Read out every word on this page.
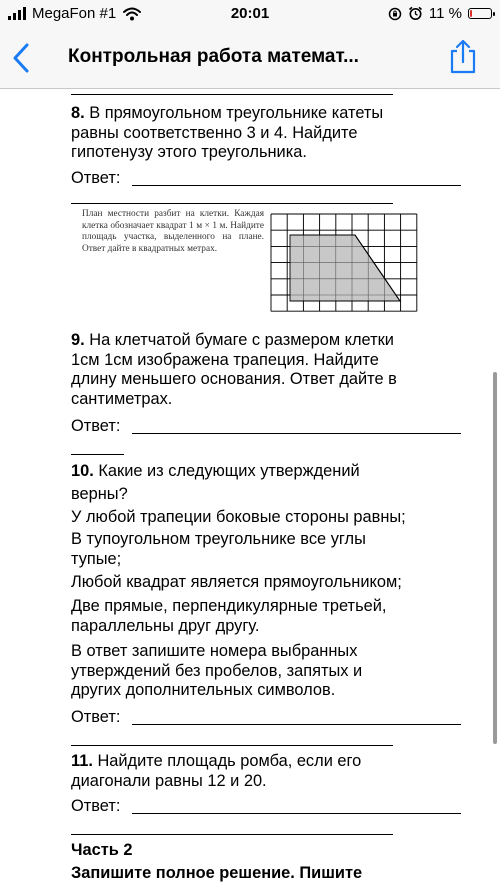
MegaFon #1	20:01	11 %
Контрольная работа математ...
8. В прямоугольном треугольнике катеты
равны соответственно 3 и 4. Найдите
гипотенузу этого треугольника.
Ответ:
План местности разбит на клетки. Каждая клетка обозначает квадрат 1 м × 1 м. Найдите площадь участка, выделенного на плане. Ответ дайте в квадратных метрах.
9. На клетчатой бумаге с размером клетки
1см 1см изображена трапеция. Найдите
длину меньшего основания. Ответ дайте в
сантиметрах.
Ответ:
10. Какие из следующих утверждений
верны?
У любой трапеции боковые стороны равны;
В тупоугольном треугольнике все углы
тупые;
Любой квадрат является прямоугольником;
Две прямые, перпендикулярные третьей,
параллельны друг другу.
В ответ запишите номера выбранных
утверждений без пробелов, запятых и
других дополнительных символов.
Ответ:
11. Найдите площадь ромба, если его
диагонали равны 12 и 20.
Ответ:
Часть 2
Запишите полное решение. Пишите
